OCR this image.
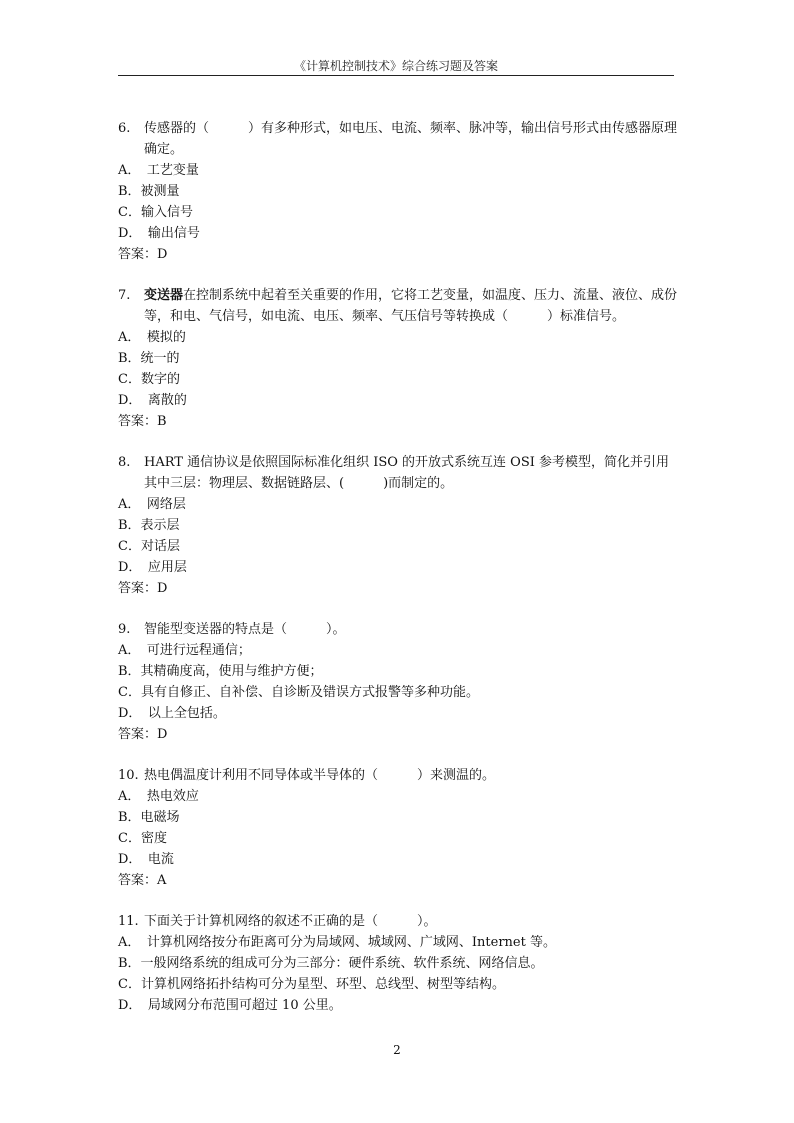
《计算机控制技术》综合练习题及答案
6.	传感器的（　　　）有多种形式，如电压、电流、频率、脉冲等，输出信号形式由传感器原理确定。
A．　工艺变量
B．被测量
C．输入信号
D．　输出信号
答案：D
7.	变送器在控制系统中起着至关重要的作用，它将工艺变量，如温度、压力、流量、液位、成份等，和电、气信号，如电流、电压、频率、气压信号等转换成（　　　）标准信号。
A．　模拟的
B．统一的
C．数字的
D．　离散的
答案：B
8.	HART 通信协议是依照国际标准化组织 ISO 的开放式系统互连 OSI 参考模型，简化并引用其中三层：物理层、数据链路层、(　　　)而制定的。
A．　网络层
B．表示层
C．对话层
D．　应用层
答案：D
9.	智能型变送器的特点是（　　　）。
A．　可进行远程通信；
B．其精确度高，使用与维护方便；
C．具有自修正、自补偿、自诊断及错误方式报警等多种功能。
D．　以上全包括。
答案：D
10. 热电偶温度计利用不同导体或半导体的（　　　）来测温的。
A．　热电效应
B．电磁场
C．密度
D．　电流
答案：A
11. 下面关于计算机网络的叙述不正确的是（　　　）。
A．　计算机网络按分布距离可分为局域网、城域网、广域网、Internet 等。
B．一般网络系统的组成可分为三部分：硬件系统、软件系统、网络信息。
C．计算机网络拓扑结构可分为星型、环型、总线型、树型等结构。
D．　局域网分布范围可超过 10 公里。
2
